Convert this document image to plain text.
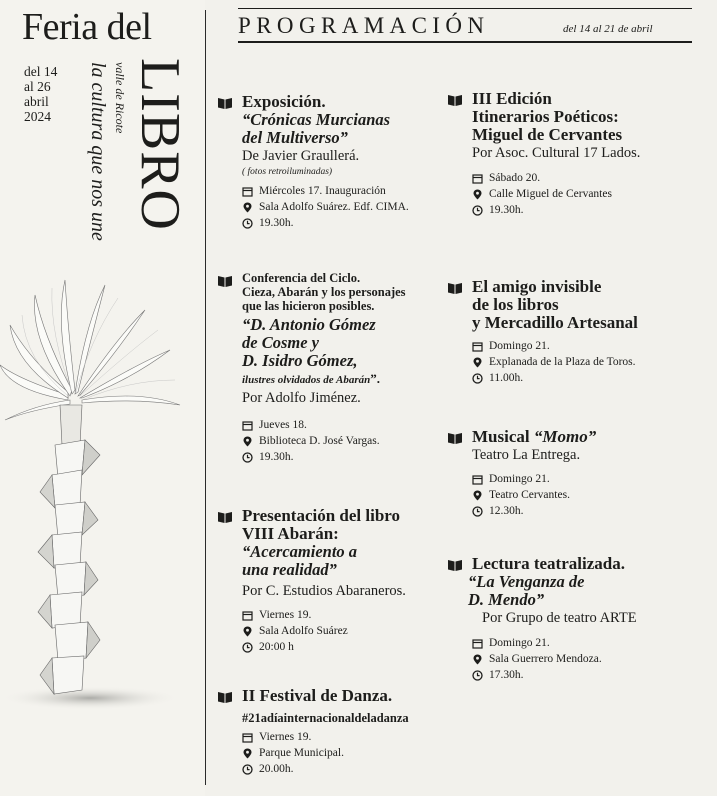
Feria del
del 14
al 26
abril
2024	la cultura que nos une valle de Ricote LIBRO
PROGRAMACIÓN	del 14 al 21 de abril
Exposición.
“Crónicas Murcianas
del Multiverso”
De Javier Graullerá.
( fotos retroiluminadas)
Miércoles 17. Inauguración
Sala Adolfo Suárez. Edf. CIMA.
19.30h.
Conferencia del Ciclo.
Cieza, Abarán y los personajes
que las hicieron posibles.
“D. Antonio Gómez
de Cosme y
D. Isidro Gómez,
ilustres olvidados de Abarán”.
Por Adolfo Jiménez.
Jueves 18.
Biblioteca D. José Vargas.
19.30h.
Presentación del libro
VIII Abarán:
“Acercamiento a
una realidad”
Por C. Estudios Abaraneros.
Viernes 19.
Sala Adolfo Suárez
20:00 h
II Festival de Danza.
#21adíainternacionaldeladanza
Viernes 19.
Parque Municipal.
20.00h.
III Edición
Itinerarios Poéticos:
Miguel de Cervantes
Por Asoc. Cultural 17 Lados.
Sábado 20.
Calle Miguel de Cervantes
19.30h.
El amigo invisible
de los libros
y Mercadillo Artesanal
Domingo 21.
Explanada de la Plaza de Toros.
11.00h.
Musical “Momo”
Teatro La Entrega.
Domingo 21.
Teatro Cervantes.
12.30h.
Lectura teatralizada.
“La Venganza de
D. Mendo”
Por Grupo de teatro ARTE
Domingo 21.
Sala Guerrero Mendoza.
17.30h.
